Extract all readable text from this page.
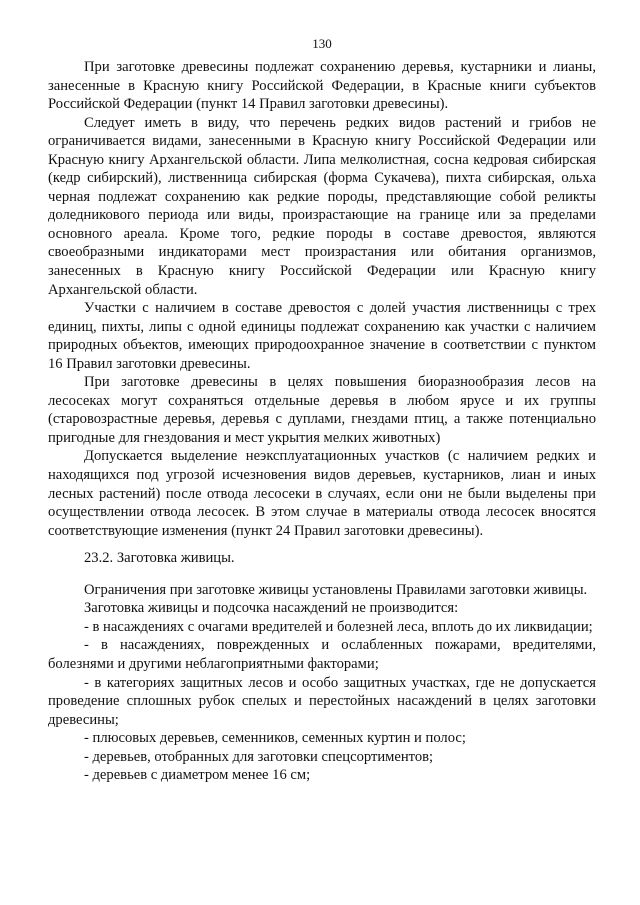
130

При заготовке древесины подлежат сохранению деревья, кустарники и лианы, занесенные в Красную книгу Российской Федерации, в Красные книги субъектов Российской Федерации (пункт 14 Правил заготовки древесины).

Следует иметь в виду, что перечень редких видов растений и грибов не ограничивается видами, занесенными в Красную книгу Российской Федерации или Красную книгу Архангельской области. Липа мелколистная, сосна кедровая сибирская (кедр сибирский), лиственница сибирская (форма Сукачева), пихта сибирская, ольха черная подлежат сохранению как редкие породы, представляющие собой реликты доледникового периода или виды, произрастающие на границе или за пределами основного ареала. Кроме того, редкие породы в составе древостоя, являются своеобразными индикаторами мест произрастания или обитания организмов, занесенных в Красную книгу Российской Федерации или Красную книгу Архангельской области.

Участки с наличием в составе древостоя с долей участия лиственницы с трех единиц, пихты, липы с одной единицы подлежат сохранению как участки с наличием природных объектов, имеющих природоохранное значение в соответствии с пунктом 16 Правил заготовки древесины.

При заготовке древесины в целях повышения биоразнообразия лесов на лесосеках могут сохраняться отдельные деревья в любом ярусе и их группы (старовозрастные деревья, деревья с дуплами, гнездами птиц, а также потенциально пригодные для гнездования и мест укрытия мелких животных)

Допускается выделение неэксплуатационных участков (с наличием редких и находящихся под угрозой исчезновения видов деревьев, кустарников, лиан и иных лесных растений) после отвода лесосеки в случаях, если они не были выделены при осуществлении отвода лесосек. В этом случае в материалы отвода лесосек вносятся соответствующие изменения (пункт 24 Правил заготовки древесины).

23.2. Заготовка живицы.

Ограничения при заготовке живицы установлены Правилами заготовки живицы.

Заготовка живицы и подсочка насаждений не производится:

- в насаждениях с очагами вредителей и болезней леса, вплоть до их ликвидации;

- в насаждениях, поврежденных и ослабленных пожарами, вредителями, болезнями и другими неблагоприятными факторами;

- в категориях защитных лесов и особо защитных участках, где не допускается проведение сплошных рубок спелых и перестойных насаждений в целях заготовки древесины;

- плюсовых деревьев, семенников, семенных куртин и полос;

- деревьев, отобранных для заготовки спецсортиментов;

- деревьев с диаметром менее 16 см;
